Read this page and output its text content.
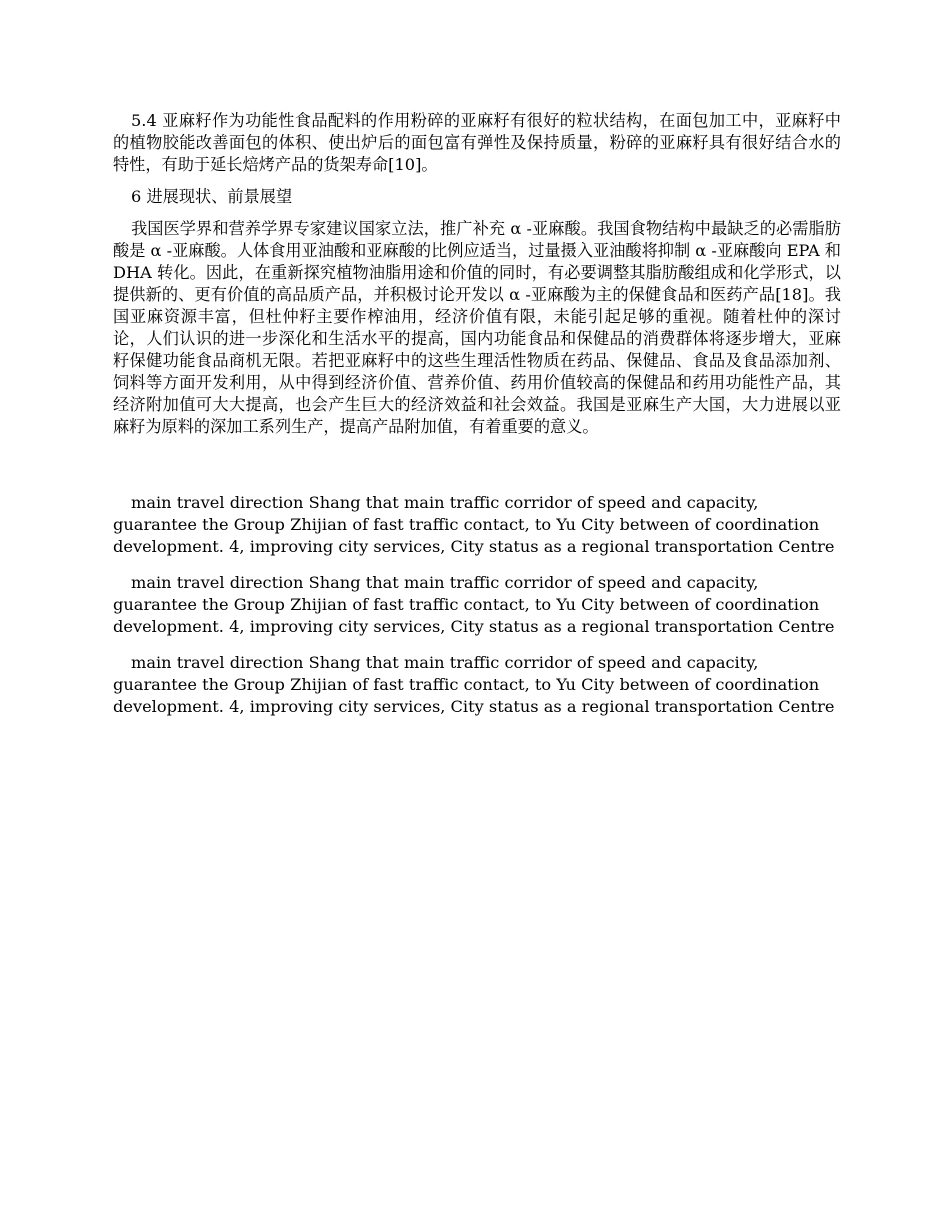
5.4 亚麻籽作为功能性食品配料的作用粉碎的亚麻籽有很好的粒状结构，在面包加工中，亚麻籽中的植物胶能改善面包的体积、使出炉后的面包富有弹性及保持质量，粉碎的亚麻籽具有很好结合水的特性，有助于延长焙烤产品的货架寿命[10]。

6 进展现状、前景展望

我国医学界和营养学界专家建议国家立法，推广补充 α -亚麻酸。我国食物结构中最缺乏的必需脂肪酸是 α -亚麻酸。人体食用亚油酸和亚麻酸的比例应适当，过量摄入亚油酸将抑制 α -亚麻酸向 EPA 和 DHA 转化。因此，在重新探究植物油脂用途和价值的同时，有必要调整其脂肪酸组成和化学形式，以提供新的、更有价值的高品质产品，并积极讨论开发以 α -亚麻酸为主的保健食品和医药产品[18]。我国亚麻资源丰富，但杜仲籽主要作榨油用，经济价值有限，未能引起足够的重视。随着杜仲的深讨论，人们认识的进一步深化和生活水平的提高，国内功能食品和保健品的消费群体将逐步增大，亚麻籽保健功能食品商机无限。若把亚麻籽中的这些生理活性物质在药品、保健品、食品及食品添加剂、饲料等方面开发利用，从中得到经济价值、营养价值、药用价值较高的保健品和药用功能性产品，其经济附加值可大大提高，也会产生巨大的经济效益和社会效益。我国是亚麻生产大国，大力进展以亚麻籽为原料的深加工系列生产，提高产品附加值，有着重要的意义。

main travel direction Shang that main traffic corridor of speed and capacity, guarantee the Group Zhijian of fast traffic contact, to Yu City between of coordination development. 4, improving city services, City status as a regional transportation Centre

main travel direction Shang that main traffic corridor of speed and capacity, guarantee the Group Zhijian of fast traffic contact, to Yu City between of coordination development. 4, improving city services, City status as a regional transportation Centre

main travel direction Shang that main traffic corridor of speed and capacity, guarantee the Group Zhijian of fast traffic contact, to Yu City between of coordination development. 4, improving city services, City status as a regional transportation Centre
